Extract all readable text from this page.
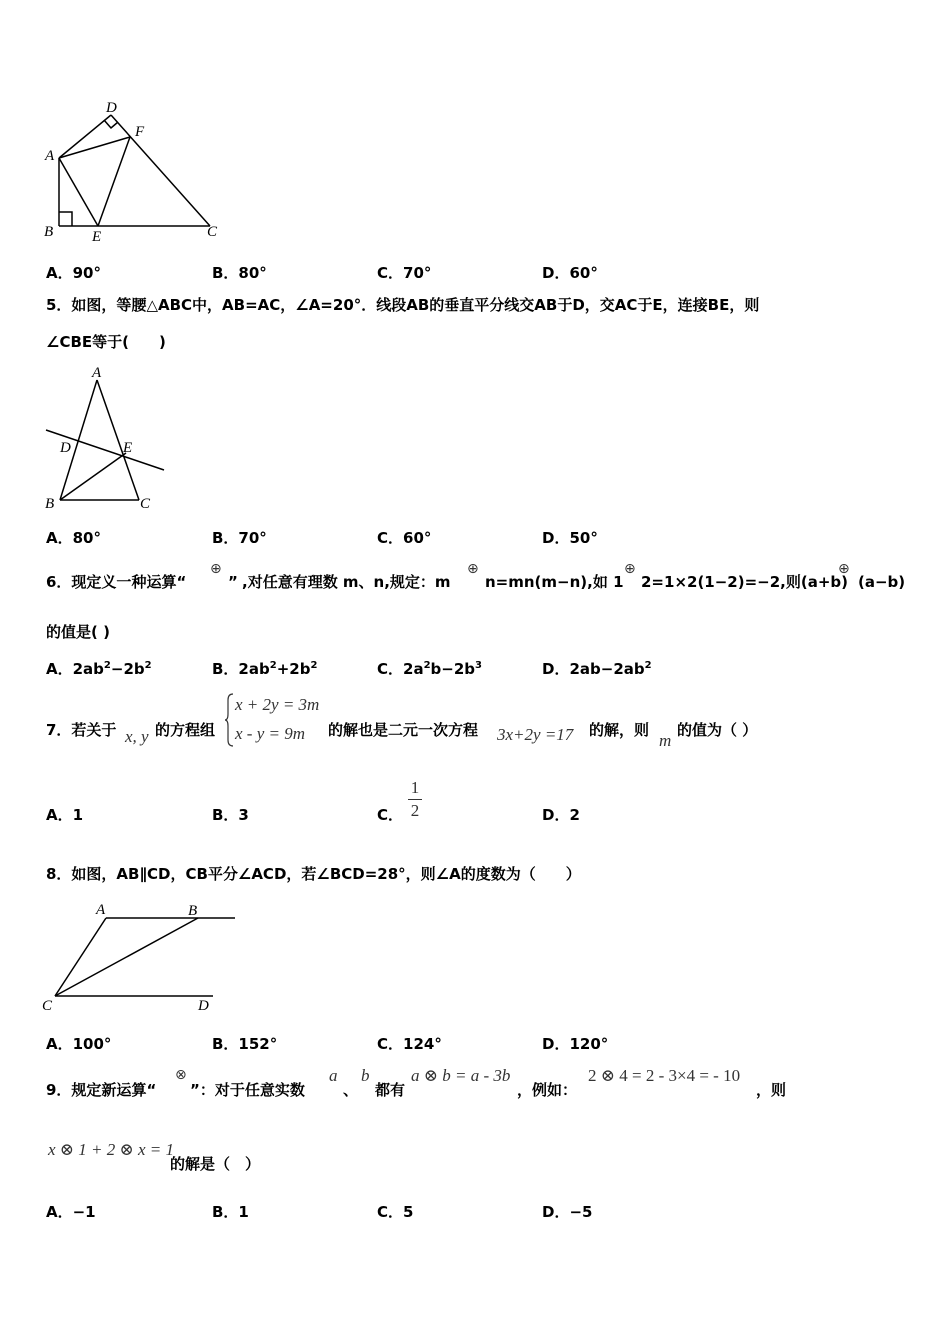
D
F
A
B	E	C
A．90°	B．80°	C．70°	D．60°
5．如图，等腰△ABC中，AB=AC，∠A=20°．线段AB的垂直平分线交AB于D，交AC于E，连接BE，则
∠CBE等于(　　)
A
D	E
B	C
A．80°	B．70°	C．60°	D．50°
6．现定义一种运算“
⊕
” ,对任意有理数 m、n,规定：m
⊕
n=mn(m−n),如 1
⊕
2=1×2(1−2)=−2,则(a+b)
⊕
(a−b)
的值是( )
A．$2ab^2-2b^2$	B．$2ab^2+2b^2$	C．$2a^2b-2b^3$	D．$2ab-2ab^2$
7．若关于 x, y 的方程组
x + 2y = 3m
x - y = 9m 的解也是二元一次方程 3x+2y =17 的解，则
m
的值为（ ）
A．1	B．3	C．
1
2	D．2
8．如图，AB∥CD，CB平分∠ACD，若∠BCD=28°，则∠A的度数为（　　）
A	B
C	D
A．100°	B．152°	C．124°	D．120°
9．规定新运算“
⊗
”：对于任意实数
a
、
b
都有
a ⊗ b = a - 3b
，例如：
2 ⊗ 4 = 2 - 3×4 = - 10
，则
x ⊗ 1 + 2 ⊗ x = 1
的解是（　）
A．−1	B．1	C．5	D．−5
